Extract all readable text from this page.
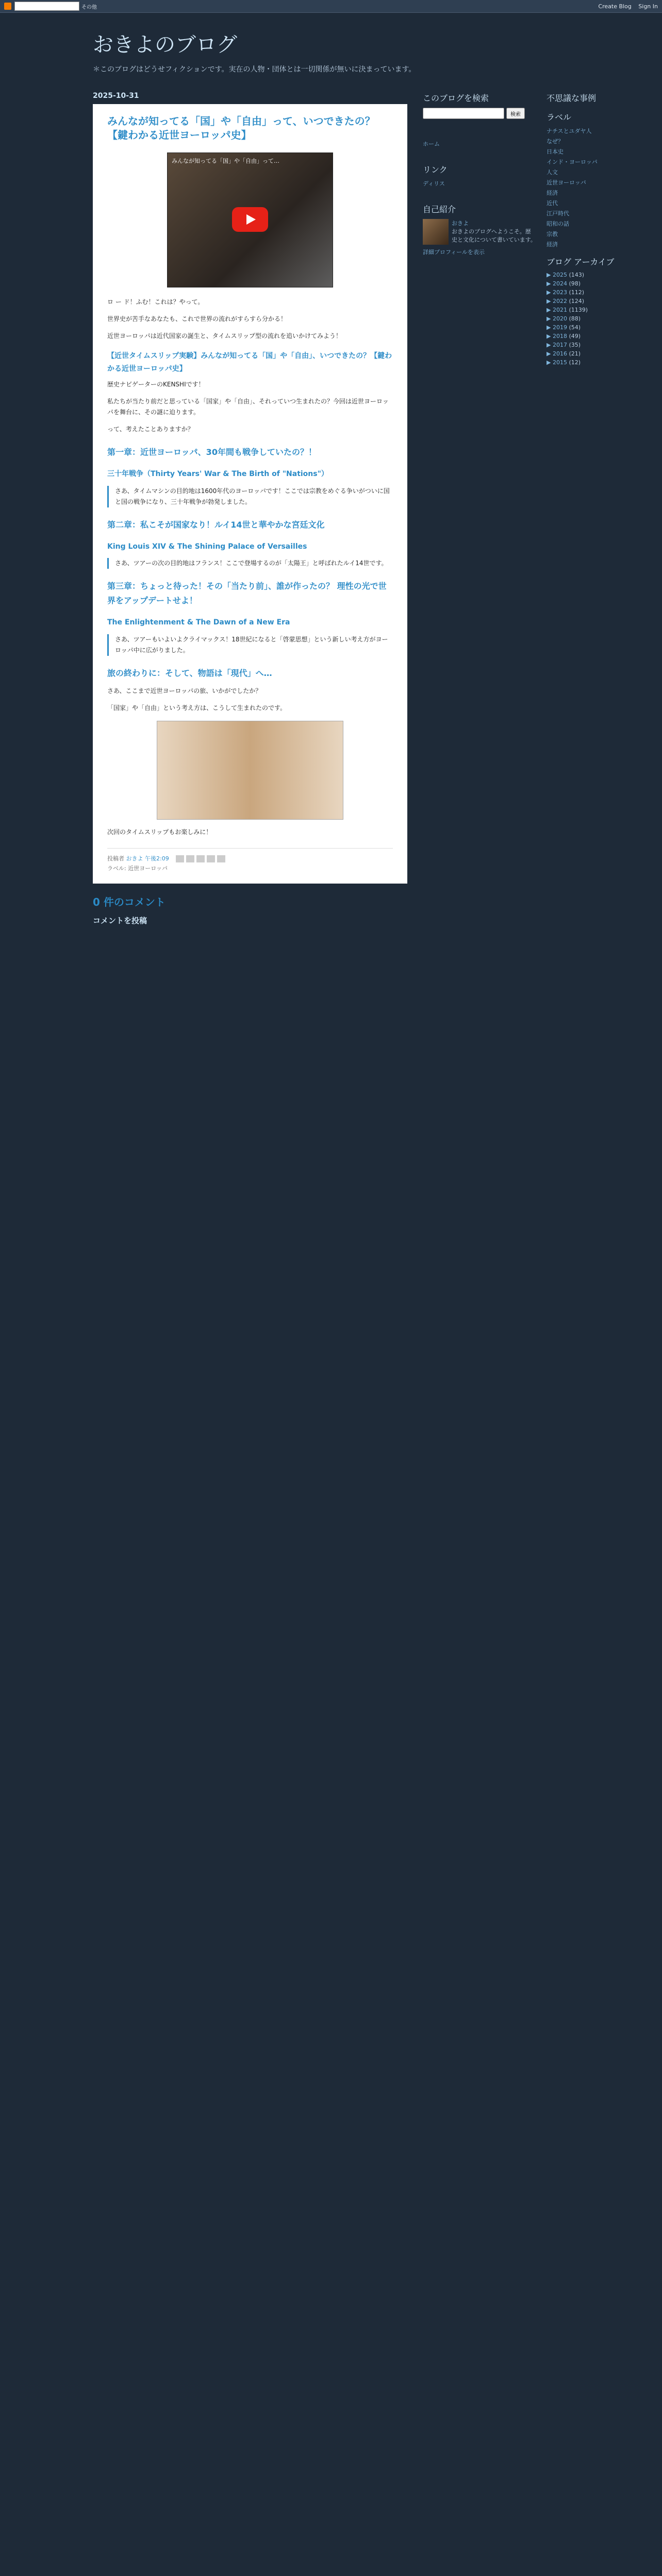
その他	Create Blog Sign In
おきよのブログ

＊このブログはどうせフィクションです。実在の人物・団体とは一切関係が無いに決まっています。

2025-10-31
みんなが知ってる「国」や「自由」って、いつできたの？【鍵わかる近世ヨーロッパ史】
みんなが知ってる「国」や「自由」って…

ロ ー ド！ふむ！これは？やって。

世界史が苦手なあなたも、これで世界の流れがすらすら分かる！

近世ヨーロッパは近代国家の誕生と、タイムスリップ型の流れを追いかけてみよう！

【近世タイムスリップ実験】みんなが知ってる「国」や「自由」、いつできたの？【鍵わかる近世ヨーロッパ史】

歴史ナビゲーターのKENSHIです！

私たちが当たり前だと思っている「国家」や「自由」、それっていつ生まれたの？今回は近世ヨーロッパを舞台に、その謎に迫ります。

って、考えたことありますか？

第一章：近世ヨーロッパ、30年間も戦争していたの？！
三十年戦争（Thirty Years' War & The Birth of "Nations"）
さあ、タイムマシンの目的地は1600年代のヨーロッパです！ここでは宗教をめぐる争いがついに国と国の戦争になり、三十年戦争が勃発しました。
第二章：私こそが国家なり！ルイ14世と華やかな宮廷文化
King Louis XIV & The Shining Palace of Versailles
さあ、ツアーの次の目的地はフランス！ここで登場するのが「太陽王」と呼ばれたルイ14世です。
第三章：ちょっと待った！その「当たり前」、誰が作ったの？ 理性の光で世界をアップデートせよ！
The Enlightenment & The Dawn of a New Era
さあ、ツアーもいよいよクライマックス！18世紀になると「啓蒙思想」という新しい考え方がヨーロッパ中に広がりました。
旅の終わりに：そして、物語は「現代」へ…

さあ、ここまで近世ヨーロッパの旅、いかがでしたか？

「国家」や「自由」という考え方は、こうして生まれたのです。

次回のタイムスリップもお楽しみに！

投稿者 おきよ 午後2:09
ラベル: 近世ヨーロッパ
0 件のコメント
コメントを投稿
このブログを検索
検索
ホーム
リンク
ディリス
自己紹介
おきよ
おきよのブログへようこそ。歴史と文化について書いています。
詳細プロフィールを表示
不思議な事例
ラベル
ナチスとユダヤ人
なぜ？
日本史
インド・ヨーロッパ
人文
近世ヨーロッパ
経済
近代
江戸時代
昭和の話
宗教
経済
ブログ アーカイブ
▶ 2025 (143)
▶ 2024 (98)
▶ 2023 (112)
▶ 2022 (124)
▶ 2021 (1139)
▶ 2020 (88)
▶ 2019 (54)
▶ 2018 (49)
▶ 2017 (35)
▶ 2016 (21)
▶ 2015 (12)
